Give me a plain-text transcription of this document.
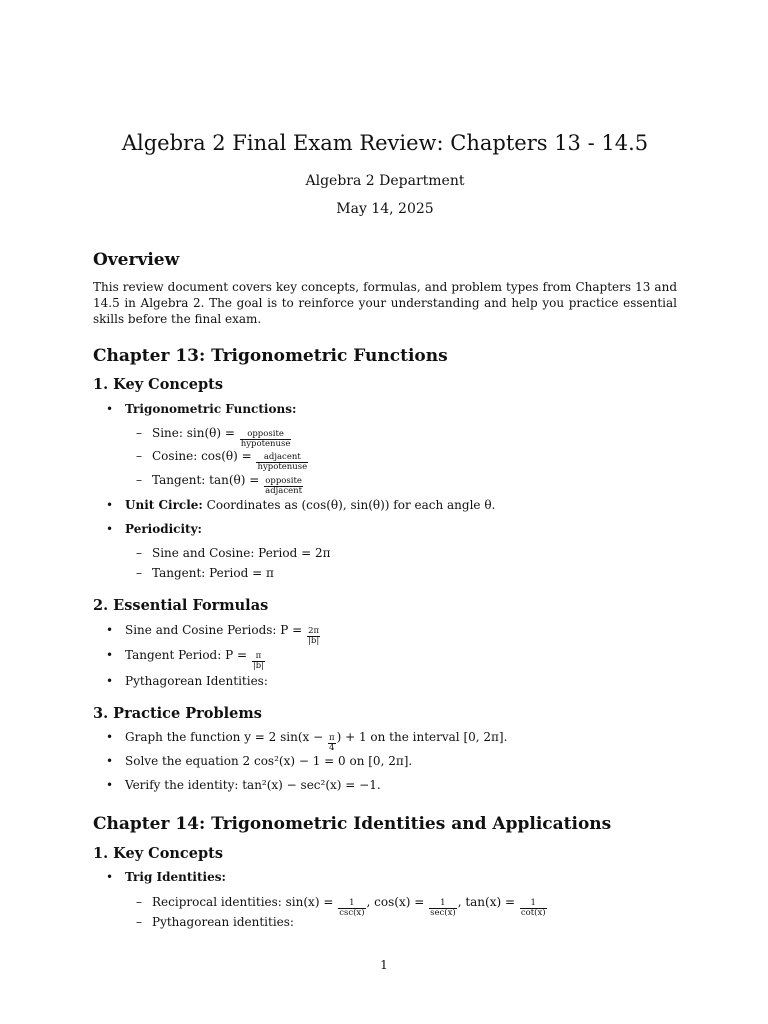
Algebra 2 Final Exam Review: Chapters 13 - 14.5
Algebra 2 Department
May 14, 2025
Overview

This review document covers key concepts, formulas, and problem types from Chapters 13 and 14.5 in Algebra 2. The goal is to reinforce your understanding and help you practice essential skills before the final exam.

Chapter 13: Trigonometric Functions
1. Key Concepts
• Trigonometric Functions:
– Sine: $\sin(\theta) = \frac{\text{opposite}}{\text{hypotenuse}}$
– Cosine: $\cos(\theta) = \frac{\text{adjacent}}{\text{hypotenuse}}$
– Tangent: $\tan(\theta) = \frac{\text{opposite}}{\text{adjacent}}$
• Unit Circle: Coordinates as (cos(θ), sin(θ)) for each angle θ.
• Periodicity:
– Sine and Cosine: Period = 2π
– Tangent: Period = π
2. Essential Formulas
• Sine and Cosine Periods: $P = \frac{2\pi}{|b|}$
• Tangent Period: $P = \frac{\pi}{|b|}$
• Pythagorean Identities:
3. Practice Problems
• Graph the function y = 2 $\sin(x - \frac{\pi}{4}$ ) + 1 on the interval [0, 2π].
• Solve the equation 2 cos²(x) − 1 = 0 on [0, 2π].
• Verify the identity: tan²(x) − sec²(x) = −1.
Chapter 14: Trigonometric Identities and Applications
1. Key Concepts
• Trig Identities:
– Reciprocal identities: $\sin(x) = \frac{1}{\csc(x)}$ , $\cos(x) = \frac{1}{\sec(x)}$ , $\tan(x) = \frac{1}{\cot(x)}$
– Pythagorean identities:
1
